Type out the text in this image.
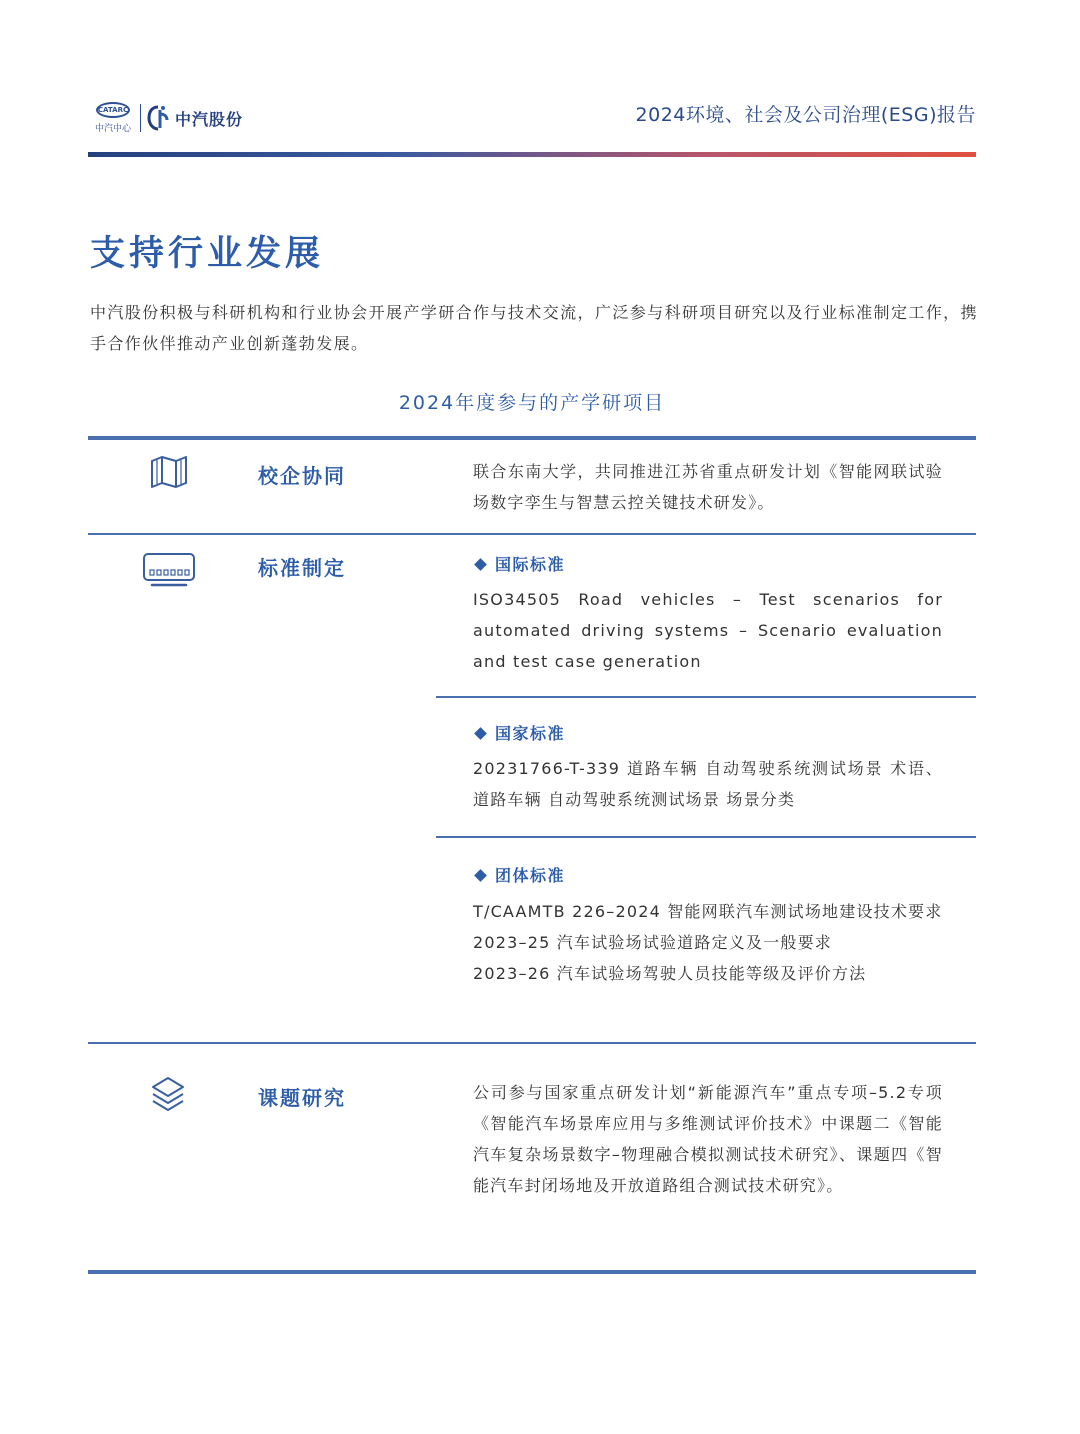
CATARC
中汽中心
中汽股份	2024环境、社会及公司治理(ESG)报告
支持行业发展

中汽股份积极与科研机构和行业协会开展产学研合作与技术交流，广泛参与科研项目研究以及行业标准制定工作，携手合作伙伴推动产业创新蓬勃发展。

2024年度参与的产学研项目
校企协同	联合东南大学，共同推进江苏省重点研发计划《智能网联试验场数字孪生与智慧云控关键技术研发》。
标准制定	国际标准
ISO34505 Road vehicles – Test scenarios for automated driving systems – Scenario evaluation and test case generation
国家标准
20231766-T-339 道路车辆 自动驾驶系统测试场景 术语、道路车辆 自动驾驶系统测试场景 场景分类
团体标准
T/CAAMTB 226–2024 智能网联汽车测试场地建设技术要求
2023–25 汽车试验场试验道路定义及一般要求
2023–26 汽车试验场驾驶人员技能等级及评价方法
课题研究	公司参与国家重点研发计划“新能源汽车”重点专项–5.2专项《智能汽车场景库应用与多维测试评价技术》中课题二《智能汽车复杂场景数字–物理融合模拟测试技术研究》、课题四《智能汽车封闭场地及开放道路组合测试技术研究》。
